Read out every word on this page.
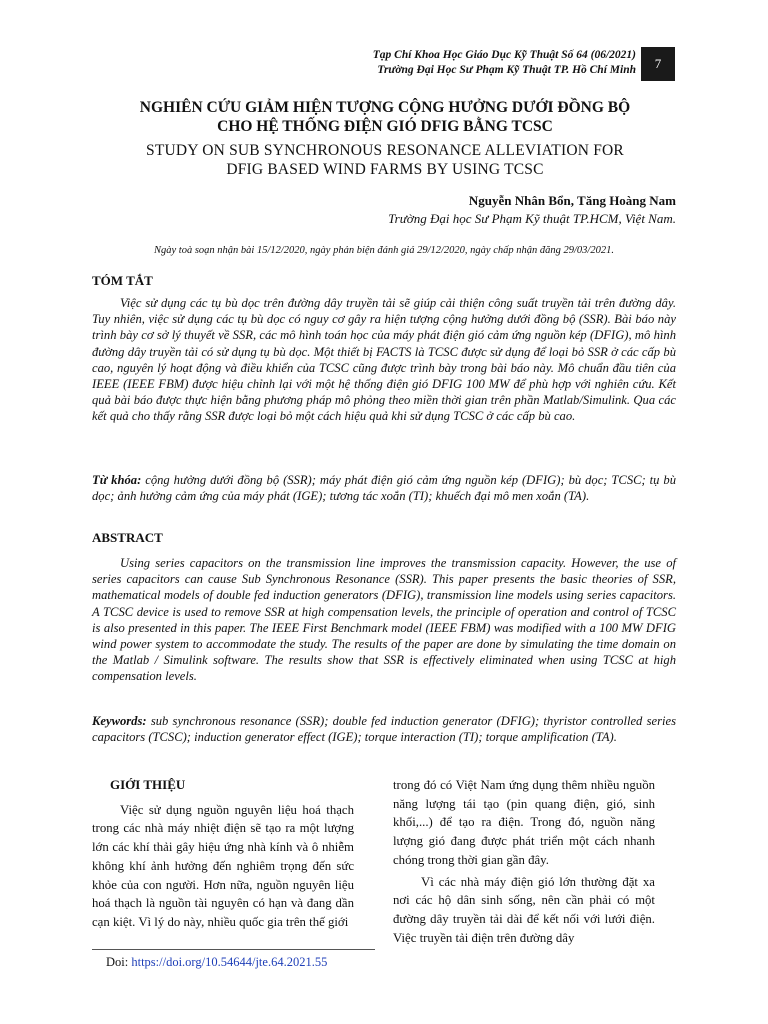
Tạp Chí Khoa Học Giáo Dục Kỹ Thuật Số 64 (06/2021)
Trường Đại Học Sư Phạm Kỹ Thuật TP. Hồ Chí Minh	7
NGHIÊN CỨU GIẢM HIỆN TƯỢNG CỘNG HƯỞNG DƯỚI ĐỒNG BỘ
CHO HỆ THỐNG ĐIỆN GIÓ DFIG BẰNG TCSC
STUDY ON SUB SYNCHRONOUS RESONANCE ALLEVIATION FOR
DFIG BASED WIND FARMS BY USING TCSC
Nguyễn Nhân Bổn, Tăng Hoàng Nam
Trường Đại học Sư Phạm Kỹ thuật TP.HCM, Việt Nam.
Ngày toà soạn nhận bài 15/12/2020, ngày phản biện đánh giá 29/12/2020, ngày chấp nhận đăng 29/03/2021.
TÓM TẮT
Việc sử dụng các tụ bù dọc trên đường dây truyền tải sẽ giúp cải thiện công suất truyền tải trên đường dây. Tuy nhiên, việc sử dụng các tụ bù dọc có nguy cơ gây ra hiện tượng cộng hưởng dưới đồng bộ (SSR). Bài báo này trình bày cơ sở lý thuyết về SSR, các mô hình toán học của máy phát điện gió cảm ứng nguồn kép (DFIG), mô hình đường dây truyền tải có sử dụng tụ bù dọc. Một thiết bị FACTS là TCSC được sử dụng để loại bỏ SSR ở các cấp bù cao, nguyên lý hoạt động và điều khiển của TCSC cũng được trình bày trong bài báo này. Mô chuẩn đầu tiên của IEEE (IEEE FBM) được hiệu chỉnh lại với một hệ thống điện gió DFIG 100 MW để phù hợp với nghiên cứu. Kết quả bài báo được thực hiện bằng phương pháp mô phỏng theo miền thời gian trên phần Matlab/Simulink. Qua các kết quả cho thấy rằng SSR được loại bỏ một cách hiệu quả khi sử dụng TCSC ở các cấp bù cao.
Từ khóa: cộng hưởng dưới đồng bộ (SSR); máy phát điện gió cảm ứng nguồn kép (DFIG); bù dọc; TCSC; tụ bù dọc; ảnh hưởng cảm ứng của máy phát (IGE); tương tác xoắn (TI); khuếch đại mô men xoắn (TA).
ABSTRACT
Using series capacitors on the transmission line improves the transmission capacity. However, the use of series capacitors can cause Sub Synchronous Resonance (SSR). This paper presents the basic theories of SSR, mathematical models of double fed induction generators (DFIG), transmission line models using series capacitors. A TCSC device is used to remove SSR at high compensation levels, the principle of operation and control of TCSC is also presented in this paper. The IEEE First Benchmark model (IEEE FBM) was modified with a 100 MW DFIG wind power system to accommodate the study. The results of the paper are done by simulating the time domain on the Matlab / Simulink software. The results show that SSR is effectively eliminated when using TCSC at high compensation levels.
Keywords: sub synchronous resonance (SSR); double fed induction generator (DFIG); thyristor controlled series capacitors (TCSC); induction generator effect (IGE); torque interaction (TI); torque amplification (TA).
GIỚI THIỆU

Việc sử dụng nguồn nguyên liệu hoá thạch trong các nhà máy nhiệt điện sẽ tạo ra một lượng lớn các khí thải gây hiệu ứng nhà kính và ô nhiễm không khí ảnh hưởng đến nghiêm trọng đến sức khỏe của con người. Hơn nữa, nguồn nguyên liệu hoá thạch là nguồn tài nguyên có hạn và đang dần cạn kiệt. Vì lý do này, nhiều quốc gia trên thế giới

trong đó có Việt Nam ứng dụng thêm nhiều nguồn năng lượng tái tạo (pin quang điện, gió, sinh khối,...) để tạo ra điện. Trong đó, nguồn năng lượng gió đang được phát triển một cách nhanh chóng trong thời gian gần đây.

Vì các nhà máy điện gió lớn thường đặt xa nơi các hộ dân sinh sống, nên cần phải có một đường dây truyền tải dài để kết nối với lưới điện. Việc truyền tải điện trên đường dây

Doi: https://doi.org/10.54644/jte.64.2021.55
